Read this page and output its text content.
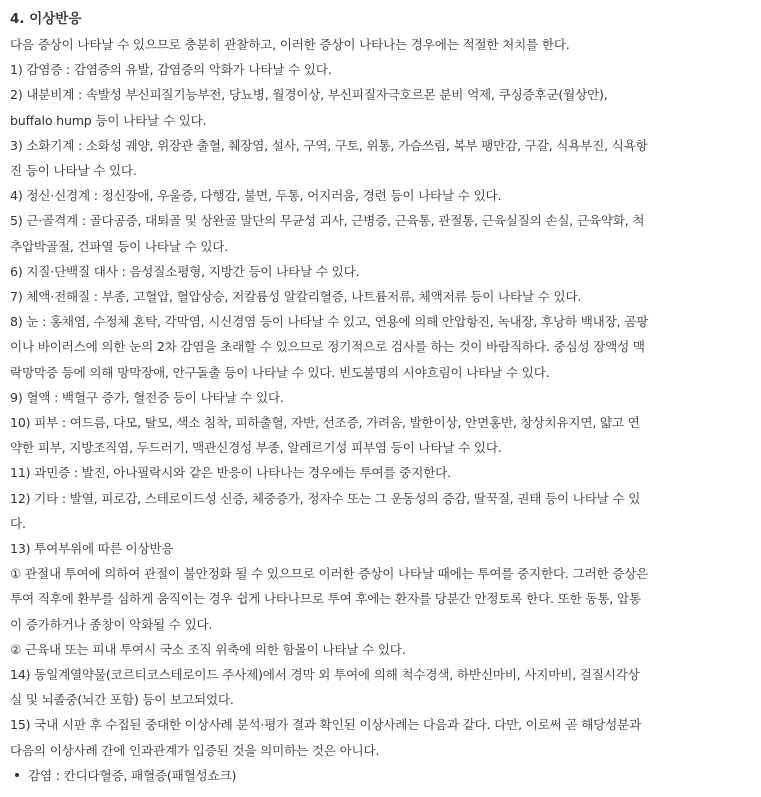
4. 이상반응

다음 증상이 나타날 수 있으므로 충분히 관찰하고, 이러한 증상이 나타나는 경우에는 적절한 처치를 한다.

1) 감염증 : 감염증의 유발, 감염증의 악화가 나타날 수 있다.

2) 내분비계 : 속발성 부신피질기능부전, 당뇨병, 월경이상, 부신피질자극호르몬 분비 억제, 쿠싱증후군(월상안),

buffalo hump 등이 나타날 수 있다.

3) 소화기계 : 소화성 궤양, 위장관 출혈, 췌장염, 설사, 구역, 구토, 위통, 가슴쓰림, 복부 팽만감, 구갈, 식욕부진, 식욕항

진 등이 나타날 수 있다.

4) 정신·신경계 : 정신장애, 우울증, 다행감, 불면, 두통, 어지러움, 경련 등이 나타날 수 있다.

5) 근·골격계 : 골다공증, 대퇴골 및 상완골 말단의 무균성 괴사, 근병증, 근육통, 관절통, 근육실질의 손실, 근육약화, 척

추압박골절, 건파열 등이 나타날 수 있다.

6) 지질·단백질 대사 : 음성질소평형, 지방간 등이 나타날 수 있다.

7) 체액·전해질 : 부종, 고혈압, 혈압상승, 저칼륨성 알칼리혈증, 나트륨저류, 체액저류 등이 나타날 수 있다.

8) 눈 : 홍채염, 수정체 혼탁, 각막염, 시신경염 등이 나타날 수 있고, 연용에 의해 안압항진, 녹내장, 후낭하 백내장, 곰팡

이나 바이러스에 의한 눈의 2차 감염을 초래할 수 있으므로 정기적으로 검사를 하는 것이 바람직하다. 중심성 장액성 맥

락망막증 등에 의해 망막장애, 안구돌출 등이 나타날 수 있다. 빈도불명의 시야흐림이 나타날 수 있다.

9) 혈액 : 백혈구 증가, 혈전증 등이 나타날 수 있다.

10) 피부 : 여드름, 다모, 탈모, 색소 침착, 피하출혈, 자반, 선조증, 가려움, 발한이상, 안면홍반, 창상치유지연, 얇고 연

약한 피부, 지방조직염, 두드러기, 맥관신경성 부종, 알레르기성 피부염 등이 나타날 수 있다.

11) 과민증 : 발진, 아나필락시와 같은 반응이 나타나는 경우에는 투여를 중지한다.

12) 기타 : 발열, 피로감, 스테로이드성 신증, 체중증가, 정자수 또는 그 운동성의 증감, 딸꾹질, 권태 등이 나타날 수 있

다.

13) 투여부위에 따른 이상반응

① 관절내 투여에 의하여 관절이 불안정화 될 수 있으므로 이러한 증상이 나타날 때에는 투여를 중지한다. 그러한 증상은

투여 직후에 환부를 심하게 움직이는 경우 쉽게 나타나므로 투여 후에는 환자를 당분간 안정토록 한다. 또한 동통, 압통

이 증가하거나 종창이 악화될 수 있다.

② 근육내 또는 피내 투여시 국소 조직 위축에 의한 함몰이 나타날 수 있다.

14) 동일계열약물(코르티코스테로이드 주사제)에서 경막 외 투여에 의해 척수경색, 하반신마비, 사지마비, 걸질시각상

실 및 뇌졸중(뇌간 포함) 등이 보고되었다.

15) 국내 시판 후 수집된 중대한 이상사례 분석·평가 결과 확인된 이상사례는 다음과 같다. 다만, 이로써 곧 해당성분과

다음의 이상사례 간에 인과관계가 입증된 것을 의미하는 것은 아니다.

감염 : 칸디다혈증, 패혈증(패혈성쇼크)
